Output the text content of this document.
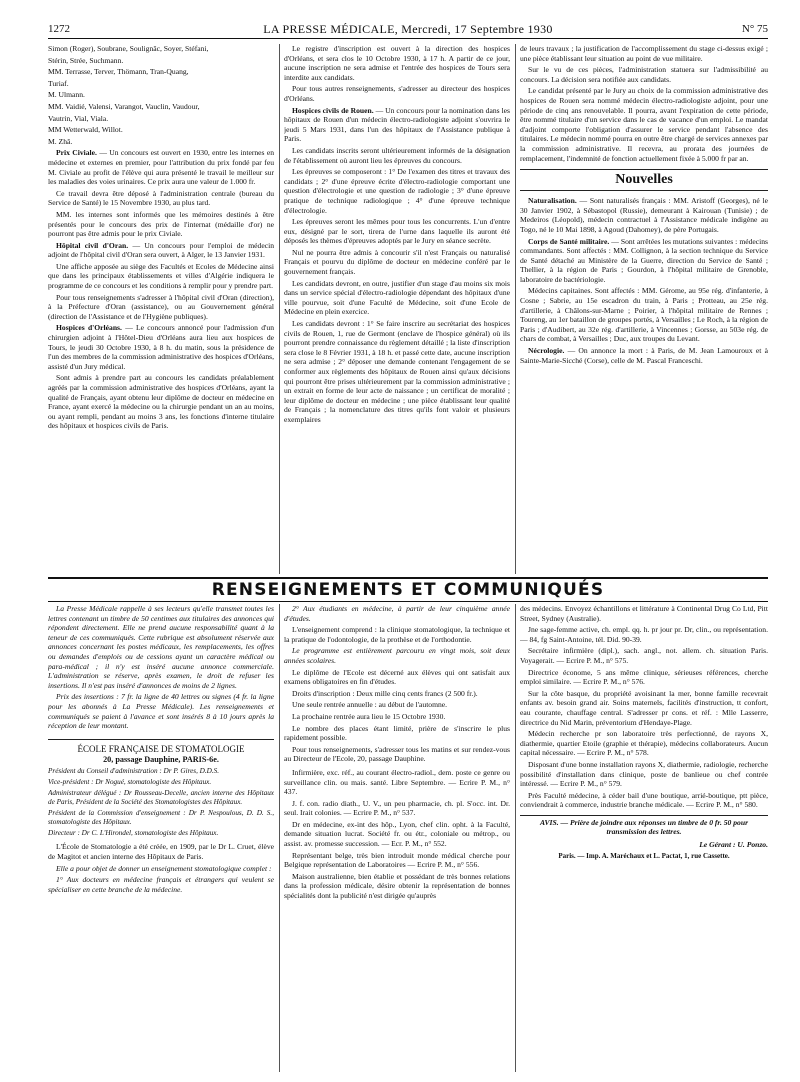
1272	LA PRESSE MÉDICALE, Mercredi, 17 Septembre 1930	N° 75

Simon (Roger), Soubrane, Soulignãc, Soyer, Stéfani,

Stérin, Strée, Suchmann.

MM. Terrasse, Terver, Thömann, Tran-Quang,

Turiaf.

M. Ulmann.

MM. Vaidié, Valensi, Varangot, Vauclin, Vaudour,

Vautrin, Vial, Viala.

MM Wetterwald, Willot.

M. Zhâ.

Prix Civiale. — Un concours est ouvert en 1930, entre les internes en médecine et externes en premier, pour l'attribution du prix fondé par feu M. Civiale au profit de l'élève qui aura présenté le travail le meilleur sur les maladies des voies urinaires. Ce prix aura une valeur de 1.000 fr.

Ce travail devra être déposé à l'administration centrale (bureau du Service de Santé) le 15 Novembre 1930, au plus tard.

MM. les internes sont informés que les mémoires destinés à être présentés pour le concours des prix de l'internat (médaille d'or) ne pourront pas être admis pour le prix Civiale.

Hôpital civil d'Oran. — Un concours pour l'emploi de médecin adjoint de l'hôpital civil d'Oran sera ouvert, à Alger, le 13 Janvier 1931.

Une affiche apposée au siège des Facultés et Ecoles de Médecine ainsi que dans les principaux établissements et villes d'Algérie indiquera le programme de ce concours et les conditions à remplir pour y prendre part.

Pour tous renseignements s'adresser à l'hôpital civil d'Oran (direction), à la Préfecture d'Oran (assistance), ou au Gouvernement général (direction de l'Assistance et de l'Hygiène publiques).

Hospices d'Orléans. — Le concours annoncé pour l'admission d'un chirurgien adjoint à l'Hôtel-Dieu d'Orléans aura lieu aux hospices de Tours, le jeudi 30 Octobre 1930, à 8 h. du matin, sous la présidence de l'un des membres de la commission administrative des hospices d'Orléans, assisté d'un Jury médical.

Sont admis à prendre part au concours les candidats préalablement agréés par la commission administrative des hospices d'Orléans, ayant la qualité de Français, ayant obtenu leur diplôme de docteur en médecine en France, ayant exercé la médecine ou la chirurgie pendant un an au moins, ou ayant rempli, pendant au moins 3 ans, les fonctions d'interne titulaire des hôpitaux et hospices civils de Paris.

Le registre d'inscription est ouvert à la direction des hospices d'Orléans, et sera clos le 10 Octobre 1930, à 17 h. A partir de ce jour, aucune inscription ne sera admise et l'entrée des hospices de Tours sera interdite aux candidats.

Pour tous autres renseignements, s'adresser au directeur des hospices d'Orléans.

Hospices civils de Rouen. — Un concours pour la nomination dans les hôpitaux de Rouen d'un médecin électro-radiologiste adjoint s'ouvrira le jeudi 5 Mars 1931, dans l'un des hôpitaux de l'Assistance publique à Paris.

Les candidats inscrits seront ultérieurement informés de la désignation de l'établissement où auront lieu les épreuves du concours.

Les épreuves se composeront : 1° De l'examen des titres et travaux des candidats ; 2° d'une épreuve écrite d'électro-radiologie comportant une question d'électrologie et une question de radiologie ; 3° d'une épreuve pratique de technique radiologique ; 4° d'une épreuve technique d'électrologie.

Les épreuves seront les mêmes pour tous les concurrents. L'un d'entre eux, désigné par le sort, tirera de l'urne dans laquelle ils auront été déposés les thèmes d'épreuves adoptés par le Jury en séance secrète.

Nul ne pourra être admis à concourir s'il n'est Français ou naturalisé Français et pourvu du diplôme de docteur en médecine conféré par le gouvernement français.

Les candidats devront, en outre, justifier d'un stage d'au moins six mois dans un service spécial d'électro-radiologie dépendant des hôpitaux d'une ville pourvue, soit d'une Faculté de Médecine, soit d'une Ecole de Médecine en plein exercice.

Les candidats devront : 1° Se faire inscrire au secrétariat des hospices civils de Rouen, 1, rue de Germont (enclave de l'hospice général) où ils pourront prendre connaissance du règlement détaillé ; la liste d'inscription sera close le 8 Février 1931, à 18 h. et passé cette date, aucune inscription ne sera admise ; 2° déposer une demande contenant l'engagement de se conformer aux règlements des hôpitaux de Rouen ainsi qu'aux décisions qui pourront être prises ultérieurement par la commission administrative ; un extrait en forme de leur acte de naissance ; un certificat de moralité ; leur diplôme de docteur en médecine ; une pièce établissant leur qualité de Français ; la nomenclature des titres qu'ils font valoir et plusieurs exemplaires

de leurs travaux ; la justification de l'accomplissement du stage ci-dessus exigé ; une pièce établissant leur situation au point de vue militaire.

Sur le vu de ces pièces, l'administration statuera sur l'admissibilité au concours. La décision sera notifiée aux candidats.

Le candidat présenté par le Jury au choix de la commission administrative des hospices de Rouen sera nommé médecin électro-radiologiste adjoint, pour une période de cinq ans renouvelable. Il pourra, avant l'expiration de cette période, être nommé titulaire d'un service dans le cas de vacance d'un emploi. Le mandat d'adjoint comporte l'obligation d'assurer le service pendant l'absence des titulaires. Le médecin nommé pourra en outre être chargé de services annexes par la commission administrative. Il recevra, au prorata des journées de remplacement, l'indemnité de fonction actuellement fixée à 5.000 fr par an.

Nouvelles

Naturalisation. — Sont naturalisés français : MM. Aristoff (Georges), né le 30 Janvier 1902, à Sébastopol (Russie), demeurant à Kairouan (Tunisie) ; de Medeiros (Léopold), médecin contractuel à l'Assistance médicale indigène au Togo, né le 10 Mai 1898, à Agoud (Dahomey), de père Portugais.

Corps de Santé militaire. — Sont arrêtées les mutations suivantes : médecins commandants. Sont affectés : MM. Collignon, à la section technique du Service de Santé détaché au Ministère de la Guerre, direction du Service de Santé ; Thellier, à la région de Paris ; Gourdon, à l'hôpital militaire de Grenoble, laboratoire de bactériologie.

Médecins capitaines. Sont affectés : MM. Gérome, au 95e rég. d'infanterie, à Cosne ; Sabrie, au 15e escadron du train, à Paris ; Protteau, au 25e rég. d'artillerie, à Châlons-sur-Marne ; Poirier, à l'hôpital militaire de Rennes ; Toureng, au 1er bataillon de groupes portés, à Versailles ; Le Roch, à la région de Paris ; d'Audibert, au 32e rég. d'artillerie, à Vincennes ; Gorsse, au 503e rég. de chars de combat, à Versailles ; Duc, aux troupes du Levant.

Nécrologie. — On annonce la mort : à Paris, de M. Jean Lamouroux et à Sainte-Marie-Sicché (Corse), celle de M. Pascal Franceschi.

RENSEIGNEMENTS ET COMMUNIQUÉS

La Presse Médicale rappelle à ses lecteurs qu'elle transmet toutes les lettres contenant un timbre de 50 centimes aux titulaires des annonces qui répondent directement. Elle ne prend aucune responsabilité quant à la teneur de ces communiqués. Cette rubrique est absolument réservée aux annonces concernant les postes médicaux, les remplacements, les offres ou demandes d'emplois ou de cessions ayant un caractère médical ou para-médical ; il n'y est inséré aucune annonce commerciale. L'administration se réserve, après examen, le droit de refuser les insertions. Il n'est pas inséré d'annonces de moins de 2 lignes.

Prix des insertions : 7 fr. la ligne de 40 lettres ou signes (4 fr. la ligne pour les abonnés à La Presse Médicale). Les renseignements et communiqués se paient à l'avance et sont insérés 8 à 10 jours après la réception de leur montant.

ÉCOLE FRANÇAISE DE STOMATOLOGIE
20, passage Dauphine, PARIS-6e.

Président du Conseil d'administration : Dr P. Gires, D.D.S.

Vice-président : Dr Nogué, stomatologiste des Hôpitaux.

Administrateur délégué : Dr Rousseau-Decelle, ancien interne des Hôpitaux de Paris, Président de la Société des Stomatologistes des Hôpitaux.

Président de la Commission d'enseignement : Dr P. Nespoulous, D. D. S., stomatologiste des Hôpitaux.

Directeur : Dr C. L'Hirondel, stomatologiste des Hôpitaux.

L'École de Stomatologie a été créée, en 1909, par le Dr L. Cruet, élève de Magitot et ancien interne des Hôpitaux de Paris.

Elle a pour objet de donner un enseignement stomatologique complet :

1° Aux docteurs en médecine français et étrangers qui veulent se spécialiser en cette branche de la médecine.

2° Aux étudiants en médecine, à partir de leur cinquième année d'études.

L'enseignement comprend : la clinique stomatologique, la technique et la pratique de l'odontologie, de la prothèse et de l'orthodontie.

Le programme est entièrement parcouru en vingt mois, soit deux années scolaires.

Le diplôme de l'Ecole est décerné aux élèves qui ont satisfait aux examens obligatoires en fin d'études.

Droits d'inscription : Deux mille cinq cents francs (2 500 fr.).

Une seule rentrée annuelle : au début de l'automne.

La prochaine rentrée aura lieu le 15 Octobre 1930.

Le nombre des places étant limité, prière de s'inscrire le plus rapidement possible.

Pour tous renseignements, s'adresser tous les matins et sur rendez-vous au Directeur de l'Ecole, 20, passage Dauphine.

Infirmière, exc. réf., au courant électro-radiol., dem. poste ce genre ou surveillance clin. ou mais. santé. Libre Septembre. — Ecrire P. M., n° 437.

J. f. con. radio diath., U. V., un peu pharmacie, ch. pl. S'occ. int. Dr. seul. Irait colonies. — Ecrire P. M., n° 537.

Dr en médecine, ex-int des hôp., Lyon, chef clin. opht. à la Faculté, demande situation lucrat. Société fr. ou étr., coloniale ou métrop., ou assist. av. promesse succession. — Ecr. P. M., n° 552.

Représentant belge, très bien introduit monde médical cherche pour Belgique représentation de Laboratoires — Ecrire P. M., n° 556.

Maison australienne, bien établie et possédant de très bonnes relations dans la profession médicale, désire obtenir la représentation de bonnes spécialités dont la publicité n'est dirigée qu'auprès

des médecins. Envoyez échantillons et littérature à Continental Drug Co Ltd, Pitt Street, Sydney (Australie).

Jne sage-femme active, ch. empl. qq. h. pr jour pr. Dr, clin., ou représentation. — 84, fg Saint-Antoine, tél. Did. 90-39.

Secrétaire infirmière (dipl.), sach. angl., not. allem. ch. situation Paris. Voyagerait. — Ecrire P. M., n° 575.

Directrice économe, 5 ans même clinique, sérieuses références, cherche emploi similaire. — Ecrire P. M., n° 576.

Sur la côte basque, du propriété avoisinant la mer, bonne famille recevrait enfants av. besoin grand air. Soins maternels, facilités d'instruction, tt confort, eau courante, chauffage central. S'adresser pr cons. et réf. : Mlle Lasserre, directrice du Nid Marin, préventorium d'Hendaye-Plage.

Médecin recherche pr son laboratoire très perfectionné, de rayons X, diathermie, quartier Etoile (graphie et thérapie), médecins collaborateurs. Aucun capital nécessaire. — Ecrire P. M., n° 578.

Disposant d'une bonne installation rayons X, diathermie, radiologie, recherche possibilité d'installation dans clinique, poste de banlieue ou chef contrée intéressé. — Ecrire P. M., n° 579.

Près Faculté médecine, à céder bail d'une boutique, arrié-boutique, ptt pièce, conviendrait à commerce, industrie branche médicale. — Ecrire P. M., n° 580.

AVIS. — Prière de joindre aux réponses un timbre de 0 fr. 50 pour transmission des lettres.
Le Gérant : U. Ponzo.
Paris. — Imp. A. Maréchaux et L. Pactat, 1, rue Cassette.
